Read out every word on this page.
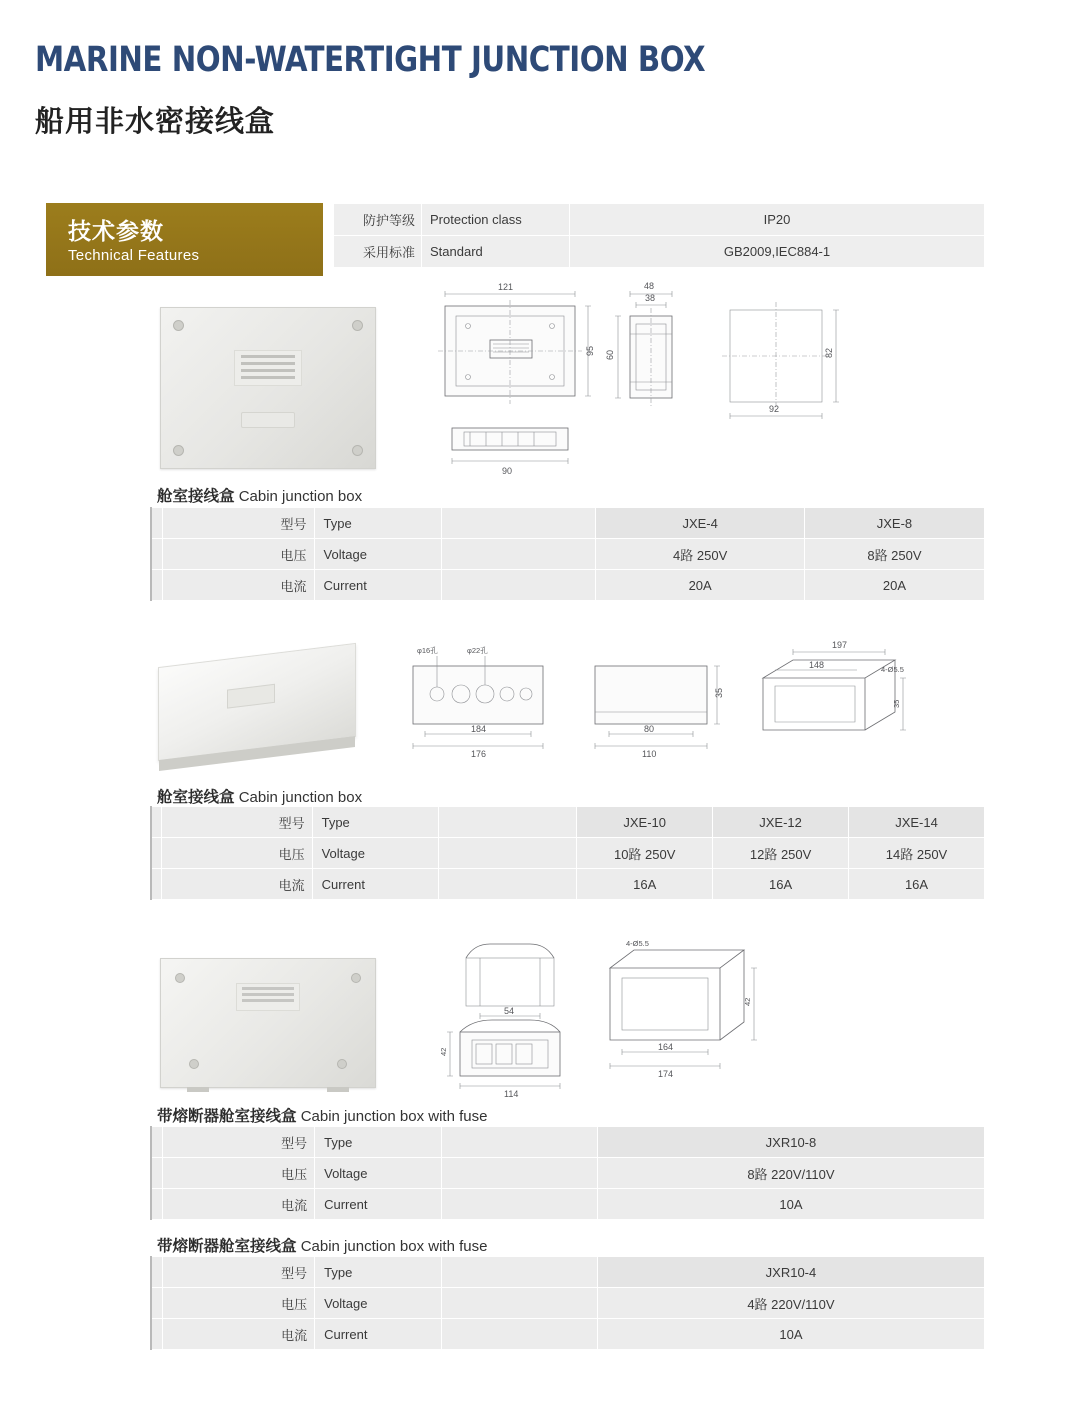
MARINE NON-WATERTIGHT JUNCTION BOX
船用非水密接线盒
技术参数
Technical Features
防护等级	Protection class	IP20
采用标准	Standard	GB2009,IEC884-1
121
95
90
48
38
60
92
82
舱室接线盒 Cabin junction box
	型号	Type		JXE-4	JXE-8
	电压	Voltage		4路 250V	8路 250V
	电流	Current		20A	20A
φ16孔	φ22孔
184
176
35
80
110
197
148	4-Ø5.5
35
舱室接线盒 Cabin junction box
	型号	Type		JXE-10	JXE-12	JXE-14
	电压	Voltage		10路 250V	12路 250V	14路 250V
	电流	Current		16A	16A	16A
54
42
114
4-Ø5.5
42
164
174
带熔断器舱室接线盒 Cabin junction box with fuse
	型号	Type		JXR10-8
	电压	Voltage		8路 220V/110V
	电流	Current		10A
带熔断器舱室接线盒 Cabin junction box with fuse
	型号	Type		JXR10-4
	电压	Voltage		4路 220V/110V
	电流	Current		10A
